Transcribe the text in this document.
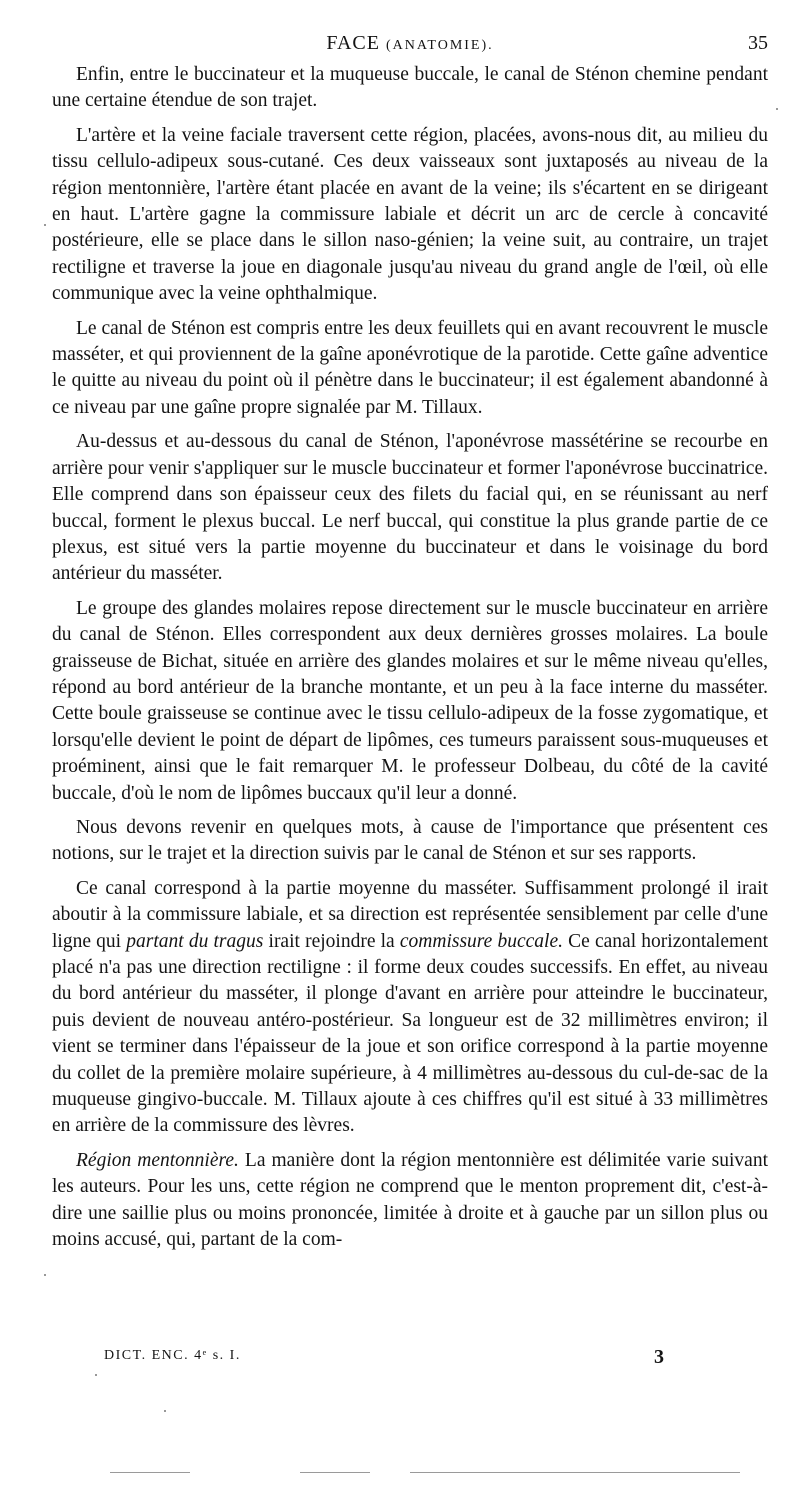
FACE (ANATOMIE).	35

Enfin, entre le buccinateur et la muqueuse buccale, le canal de Sténon chemine pendant une certaine étendue de son trajet.

L'artère et la veine faciale traversent cette région, placées, avons-nous dit, au milieu du tissu cellulo-adipeux sous-cutané. Ces deux vaisseaux sont juxtaposés au niveau de la région mentonnière, l'artère étant placée en avant de la veine; ils s'écartent en se dirigeant en haut. L'artère gagne la commissure labiale et décrit un arc de cercle à concavité postérieure, elle se place dans le sillon naso-génien; la veine suit, au contraire, un trajet rectiligne et traverse la joue en diagonale jusqu'au niveau du grand angle de l'œil, où elle communique avec la veine ophthalmique.

Le canal de Sténon est compris entre les deux feuillets qui en avant recouvrent le muscle masséter, et qui proviennent de la gaîne aponévrotique de la parotide. Cette gaîne adventice le quitte au niveau du point où il pénètre dans le buccinateur; il est également abandonné à ce niveau par une gaîne propre signalée par M. Tillaux.

Au-dessus et au-dessous du canal de Sténon, l'aponévrose massétérine se recourbe en arrière pour venir s'appliquer sur le muscle buccinateur et former l'aponévrose buccinatrice. Elle comprend dans son épaisseur ceux des filets du facial qui, en se réunissant au nerf buccal, forment le plexus buccal. Le nerf buccal, qui constitue la plus grande partie de ce plexus, est situé vers la partie moyenne du buccinateur et dans le voisinage du bord antérieur du masséter.

Le groupe des glandes molaires repose directement sur le muscle buccinateur en arrière du canal de Sténon. Elles correspondent aux deux dernières grosses molaires. La boule graisseuse de Bichat, située en arrière des glandes molaires et sur le même niveau qu'elles, répond au bord antérieur de la branche montante, et un peu à la face interne du masséter. Cette boule graisseuse se continue avec le tissu cellulo-adipeux de la fosse zygomatique, et lorsqu'elle devient le point de départ de lipômes, ces tumeurs paraissent sous-muqueuses et proéminent, ainsi que le fait remarquer M. le professeur Dolbeau, du côté de la cavité buccale, d'où le nom de lipômes buccaux qu'il leur a donné.

Nous devons revenir en quelques mots, à cause de l'importance que présentent ces notions, sur le trajet et la direction suivis par le canal de Sténon et sur ses rapports.

Ce canal correspond à la partie moyenne du masséter. Suffisamment prolongé il irait aboutir à la commissure labiale, et sa direction est représentée sensiblement par celle d'une ligne qui partant du tragus irait rejoindre la commissure buccale. Ce canal horizontalement placé n'a pas une direction rectiligne : il forme deux coudes successifs. En effet, au niveau du bord antérieur du masséter, il plonge d'avant en arrière pour atteindre le buccinateur, puis devient de nouveau antéro-postérieur. Sa longueur est de 32 millimètres environ; il vient se terminer dans l'épaisseur de la joue et son orifice correspond à la partie moyenne du collet de la première molaire supérieure, à 4 millimètres au-dessous du cul-de-sac de la muqueuse gingivo-buccale. M. Tillaux ajoute à ces chiffres qu'il est situé à 33 millimètres en arrière de la commissure des lèvres.

Région mentonnière. La manière dont la région mentonnière est délimitée varie suivant les auteurs. Pour les uns, cette région ne comprend que le menton proprement dit, c'est-à-dire une saillie plus ou moins prononcée, limitée à droite et à gauche par un sillon plus ou moins accusé, qui, partant de la com-

DICT. ENC. 4ᵉ s. I.	3
